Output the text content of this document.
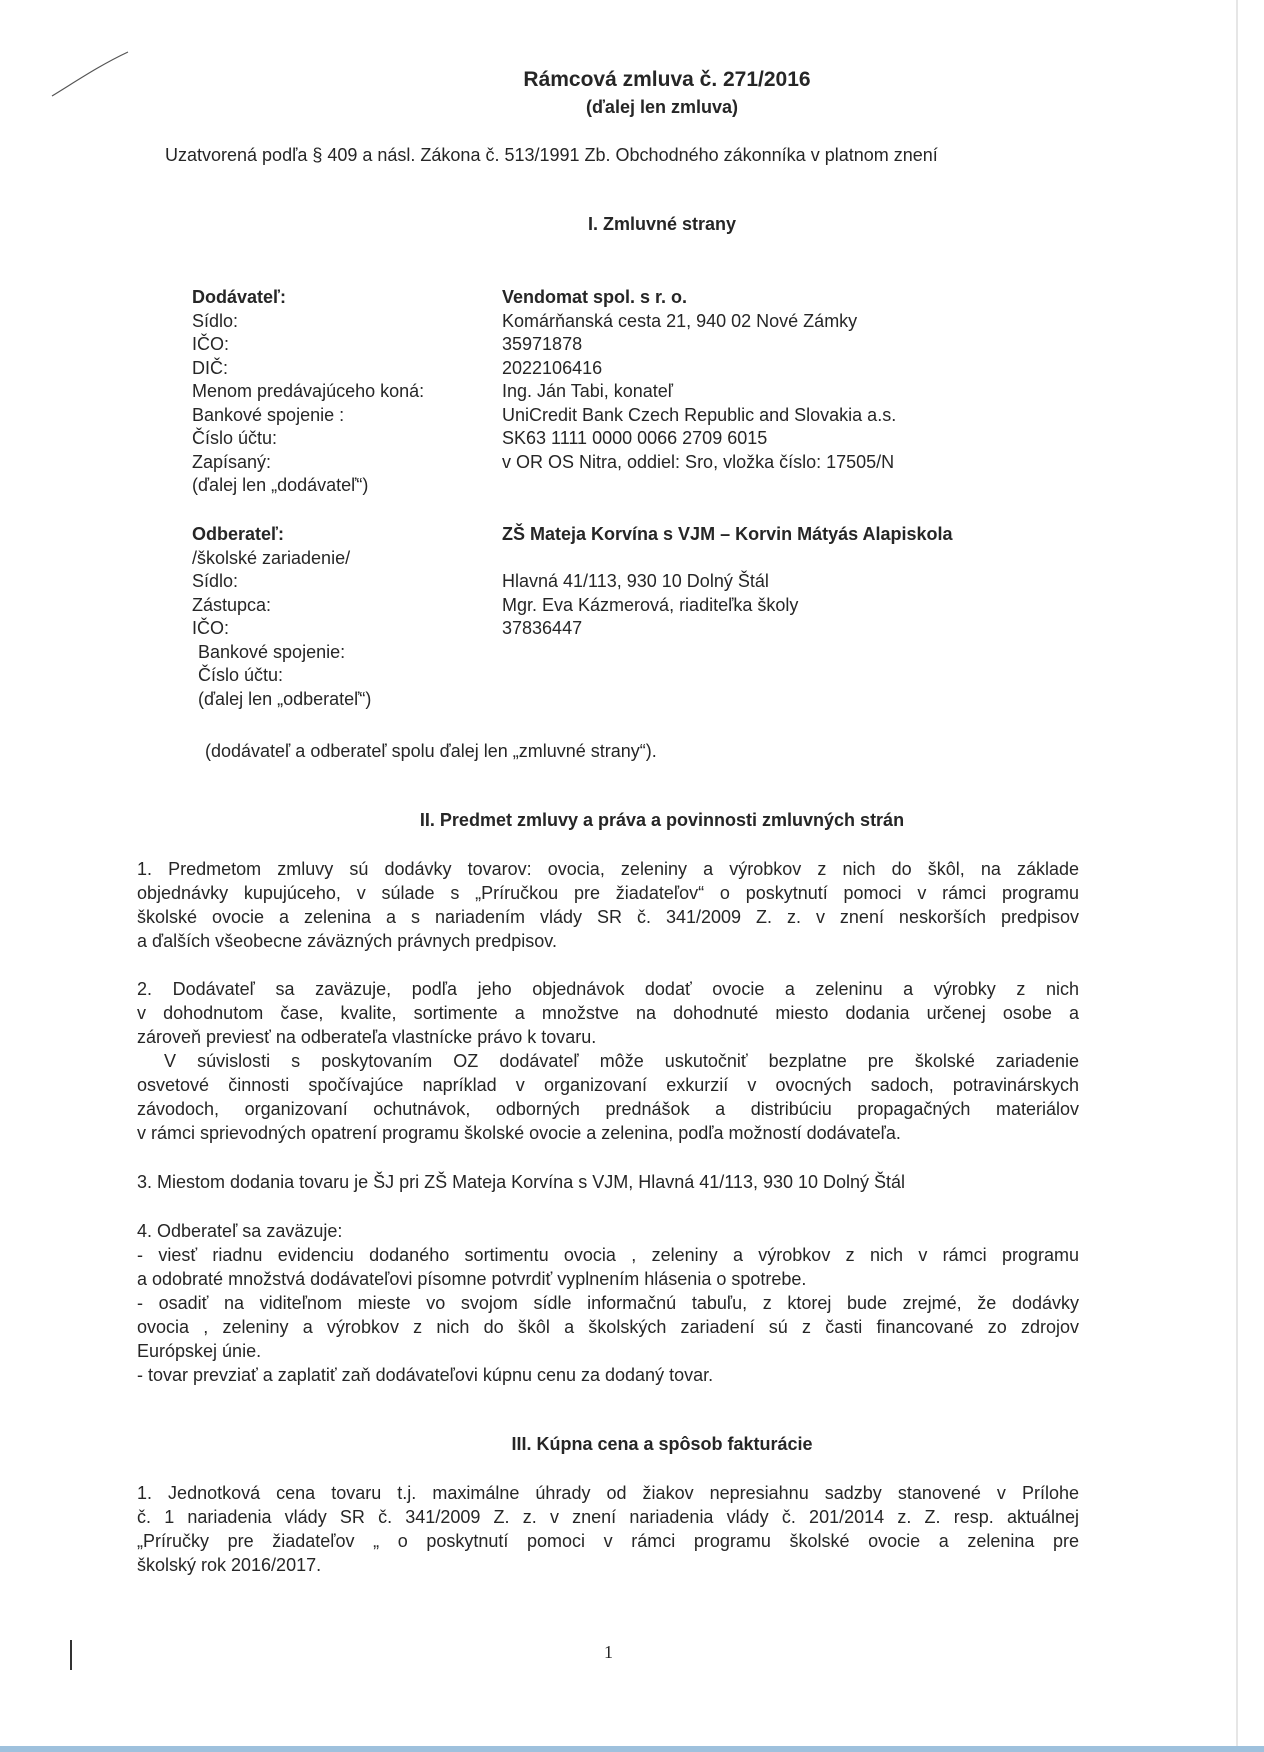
Rámcová zmluva č. 271/2016
(ďalej len zmluva)
Uzatvorená podľa § 409 a násl. Zákona č. 513/1991 Zb. Obchodného zákonníka v platnom znení
I. Zmluvné strany
Dodávateľ:	Vendomat spol. s r. o.
Sídlo:	Komárňanská cesta 21, 940 02 Nové Zámky
IČO:	35971878
DIČ:	2022106416
Menom predávajúceho koná:	Ing. Ján Tabi, konateľ
Bankové spojenie :	UniCredit Bank Czech Republic and Slovakia a.s.
Číslo účtu:	SK63 1111 0000 0066 2709 6015
Zapísaný:	v OR OS Nitra, oddiel: Sro, vložka číslo: 17505/N
(ďalej len „dodávateľ“)
Odberateľ:	ZŠ Mateja Korvína s VJM – Korvin Mátyás Alapiskola
/školské zariadenie/
Sídlo:	Hlavná 41/113, 930 10 Dolný Štál
Zástupca:	Mgr. Eva Kázmerová, riaditeľka školy
IČO:	37836447
Bankové spojenie:
Číslo účtu:
(ďalej len „odberateľ“)
(dodávateľ a odberateľ spolu ďalej len „zmluvné strany“).
II. Predmet zmluvy a práva a povinnosti zmluvných strán
1. Predmetom zmluvy sú dodávky tovarov: ovocia, zeleniny a výrobkov z nich do škôl, na základe
objednávky kupujúceho, v súlade s „Príručkou pre žiadateľov“ o poskytnutí pomoci v rámci programu
školské ovocie a zelenina a s nariadením vlády SR č. 341/2009 Z. z. v znení neskorších predpisov
a ďalších všeobecne záväzných právnych predpisov.
2. Dodávateľ sa zaväzuje, podľa jeho objednávok dodať ovocie a zeleninu a výrobky z nich
v dohodnutom čase, kvalite, sortimente a množstve na dohodnuté miesto dodania určenej osobe a
zároveň previesť na odberateľa vlastnícke právo k tovaru.
V súvislosti s poskytovaním OZ dodávateľ môže uskutočniť bezplatne pre školské zariadenie
osvetové činnosti spočívajúce napríklad v organizovaní exkurzií v ovocných sadoch, potravinárskych
závodoch, organizovaní ochutnávok, odborných prednášok a distribúciu propagačných materiálov
v rámci sprievodných opatrení programu školské ovocie a zelenina, podľa možností dodávateľa.
3. Miestom dodania tovaru je ŠJ pri ZŠ Mateja Korvína s VJM, Hlavná 41/113, 930 10 Dolný Štál
4. Odberateľ sa zaväzuje:
- viesť riadnu evidenciu dodaného sortimentu ovocia , zeleniny a výrobkov z nich v rámci programu
a odobraté množstvá dodávateľovi písomne potvrdiť vyplnením hlásenia o spotrebe.
- osadiť na viditeľnom mieste vo svojom sídle informačnú tabuľu, z ktorej bude zrejmé, že dodávky
ovocia , zeleniny a výrobkov z nich do škôl a školských zariadení sú z časti financované zo zdrojov
Európskej únie.
- tovar prevziať a zaplatiť zaň dodávateľovi kúpnu cenu za dodaný tovar.
III. Kúpna cena a spôsob fakturácie
1. Jednotková cena tovaru t.j. maximálne úhrady od žiakov nepresiahnu sadzby stanovené v Prílohe
č. 1 nariadenia vlády SR č. 341/2009 Z. z. v znení nariadenia vlády č. 201/2014 z. Z. resp. aktuálnej
„Príručky pre žiadateľov „ o poskytnutí pomoci v rámci programu školské ovocie a zelenina pre
školský rok 2016/2017.
1
